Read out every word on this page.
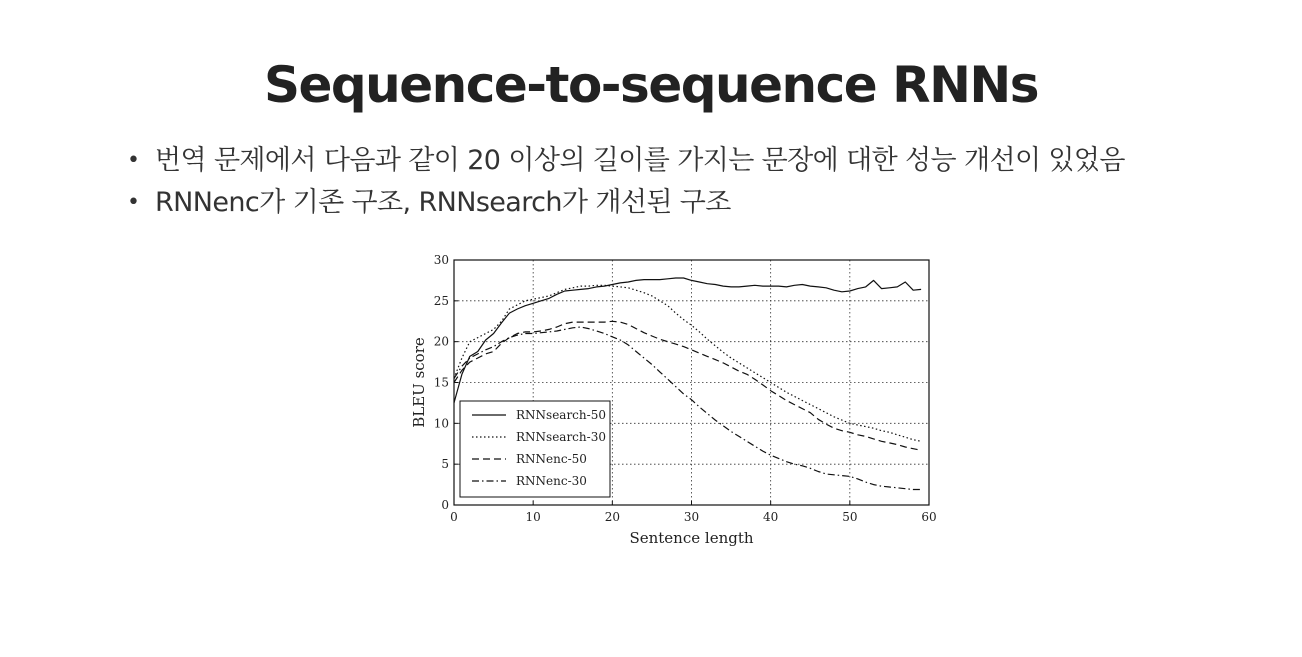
Sequence-to-sequence RNNs
• 번역 문제에서 다음과 같이 20 이상의 길이를 가지는 문장에 대한 성능 개선이 있었음
• RNNenc가 기존 구조, RNNsearch가 개선된 구조
0	10	20	30	40	50	60
0
5
10
15
20
25
30
Sentence length
BLEU score	RNNsearch-50
RNNsearch-30
RNNenc-50
RNNenc-30
